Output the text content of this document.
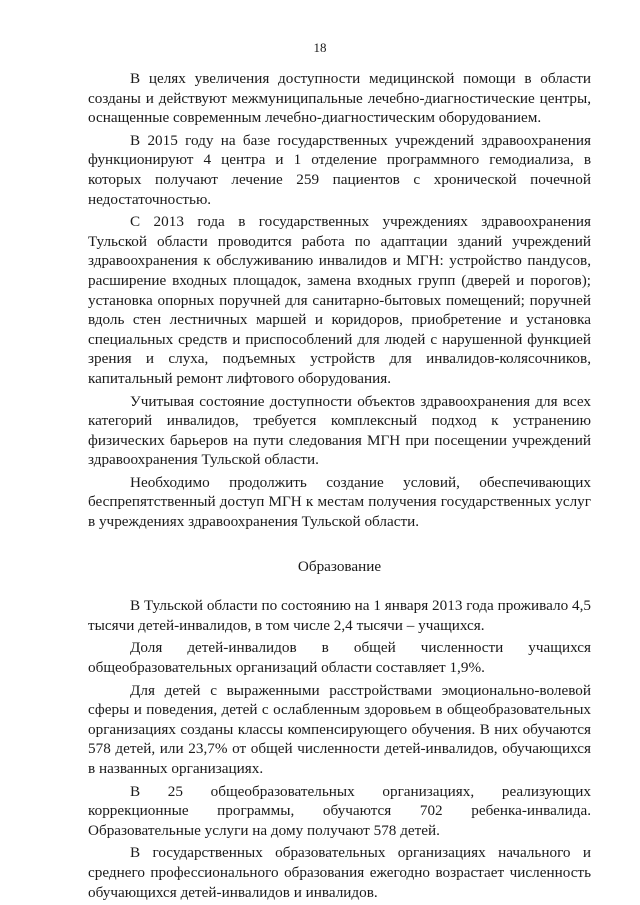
18

В целях увеличения доступности медицинской помощи в области созданы и действуют межмуниципальные лечебно-диагностические центры, оснащенные современным лечебно-диагностическим оборудованием.

В 2015 году на базе государственных учреждений здравоохранения функционируют 4 центра и 1 отделение программного гемодиализа, в которых получают лечение 259 пациентов с хронической почечной недостаточностью.

С 2013 года в государственных учреждениях здравоохранения Тульской области проводится работа по адаптации зданий учреждений здравоохранения к обслуживанию инвалидов и МГН: устройство пандусов, расширение входных площадок, замена входных групп (дверей и порогов); установка опорных поручней для санитарно-бытовых помещений; поручней вдоль стен лестничных маршей и коридоров, приобретение и установка специальных средств и приспособлений для людей с нарушенной функцией зрения и слуха, подъемных устройств для инвалидов-колясочников, капитальный ремонт лифтового оборудования.

Учитывая состояние доступности объектов здравоохранения для всех категорий инвалидов, требуется комплексный подход к устранению физических барьеров на пути следования МГН при посещении учреждений здравоохранения Тульской области.

Необходимо продолжить создание условий, обеспечивающих беспрепятственный доступ МГН к местам получения государственных услуг в учреждениях здравоохранения Тульской области.

Образование

В Тульской области по состоянию на 1 января 2013 года проживало 4,5 тысячи детей-инвалидов, в том числе 2,4 тысячи – учащихся.

Доля детей-инвалидов в общей численности учащихся общеобразовательных организаций области составляет 1,9%.

Для детей с выраженными расстройствами эмоционально-волевой сферы и поведения, детей с ослабленным здоровьем в общеобразовательных организациях созданы классы компенсирующего обучения. В них обучаются 578 детей, или 23,7% от общей численности детей-инвалидов, обучающихся в названных организациях.

В 25 общеобразовательных организациях, реализующих коррекционные программы, обучаются 702 ребенка-инвалида. Образовательные услуги на дому получают 578 детей.

В государственных образовательных организациях начального и среднего профессионального образования ежегодно возрастает численность обучающихся детей-инвалидов и инвалидов.
